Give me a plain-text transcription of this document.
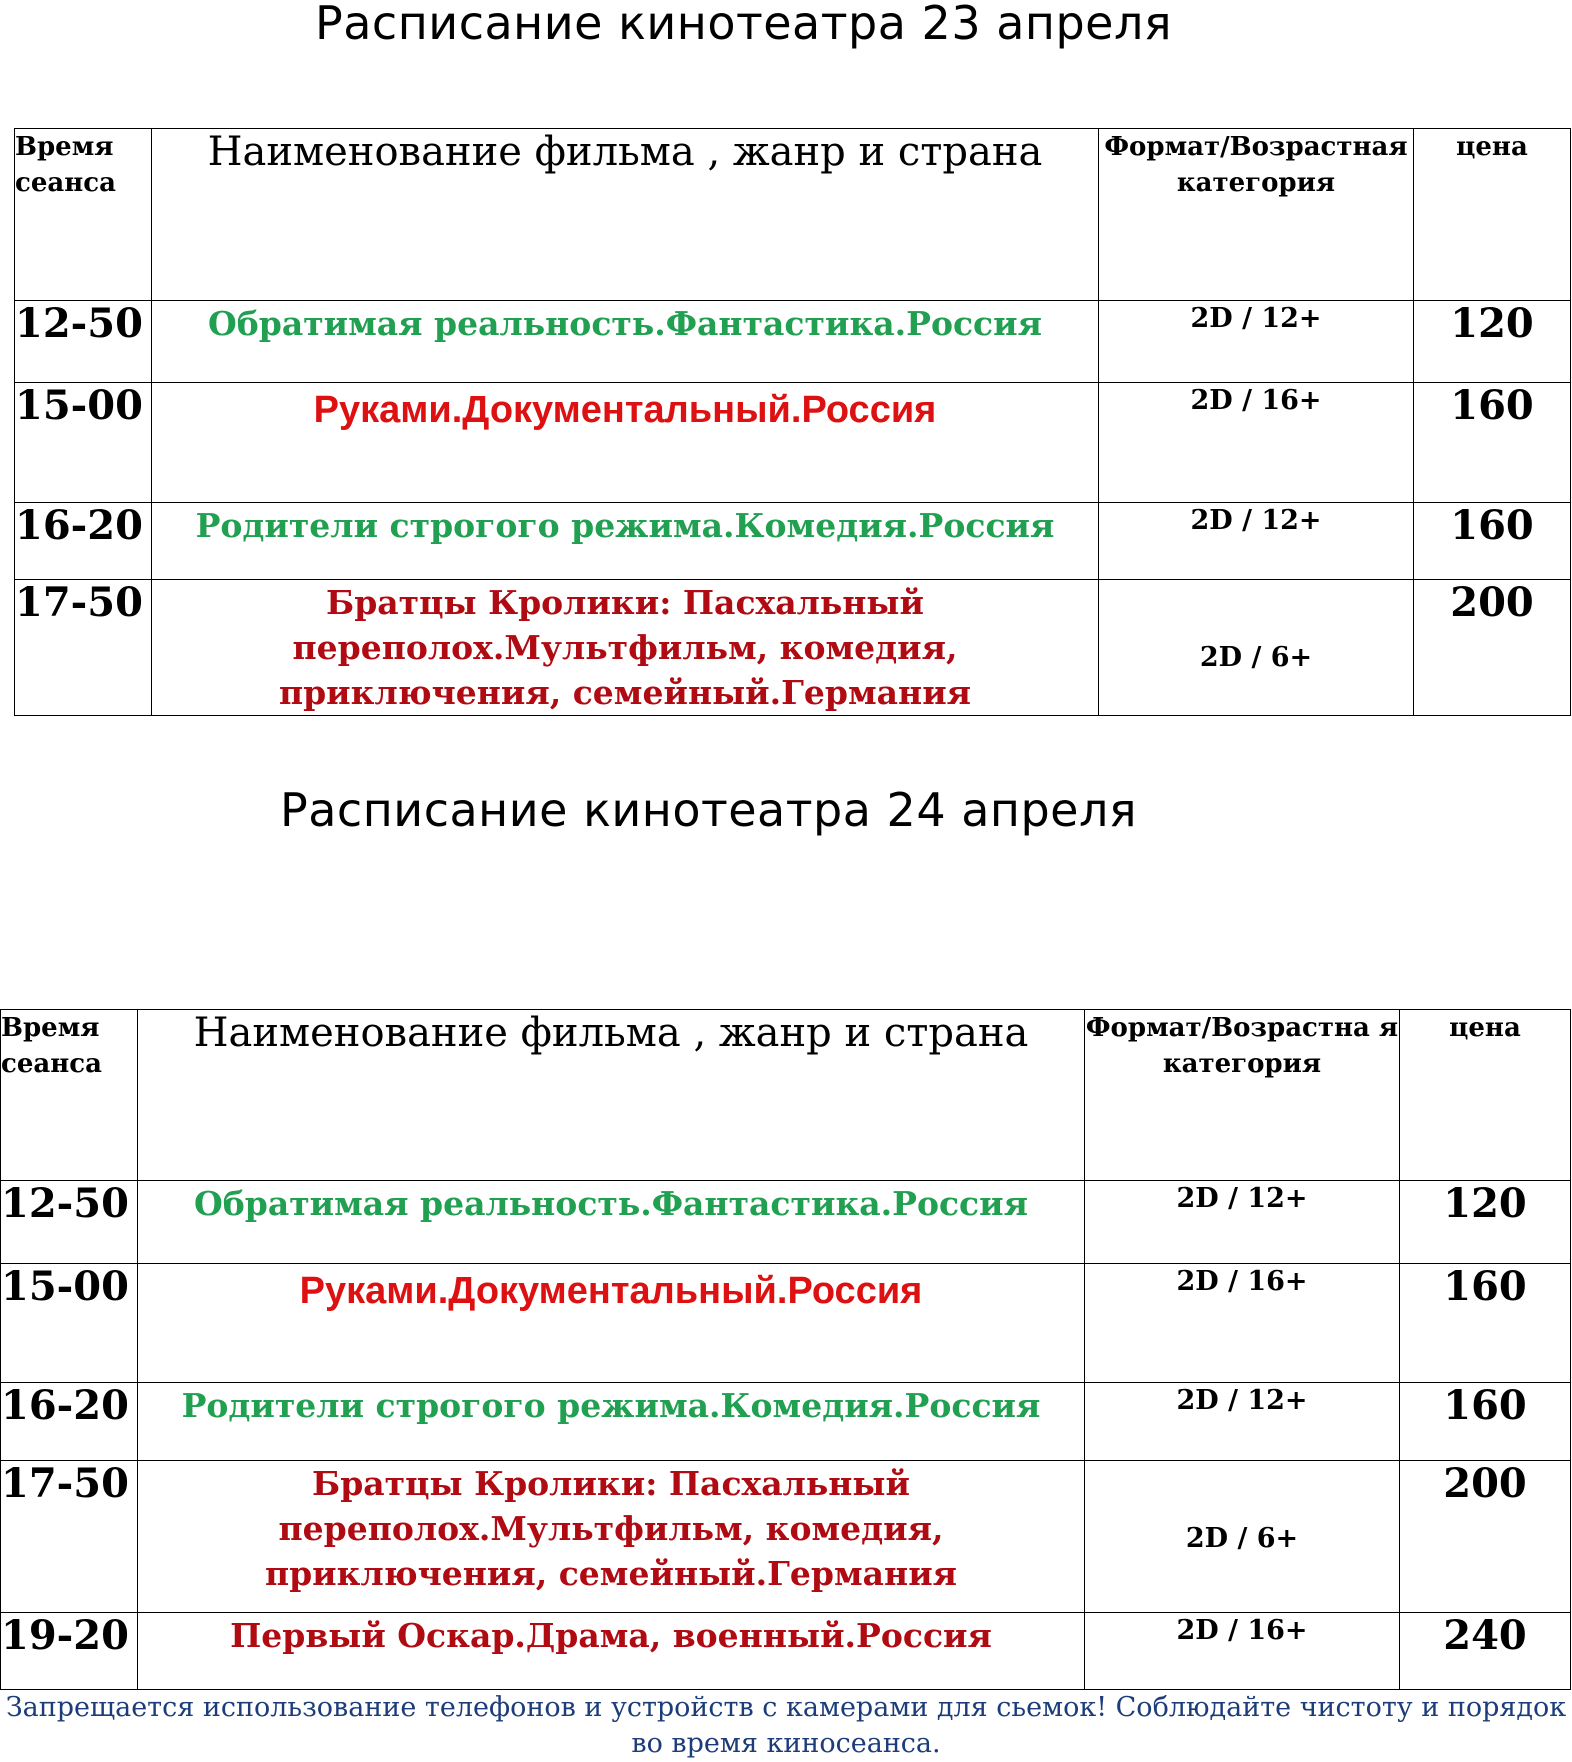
Расписание кинотеатра 23 апреля
Время сеанса	Наименование фильма , жанр и страна	Формат/Возрастная категория	цена
12-50	Обратимая реальность.Фантастика.Россия	2D / 12+	120
15-00	Руками.Документальный.Россия	2D / 16+	160
16-20	Родители строгого режима.Комедия.Россия	2D / 12+	160
17-50	Братцы Кролики: Пасхальный переполох.Мультфильм, комедия, приключения, семейный.Германия	2D / 6+	200
Расписание кинотеатра 24 апреля
Время сеанса	Наименование фильма , жанр и страна	Формат/Возрастна я категория	цена
12-50	Обратимая реальность.Фантастика.Россия	2D / 12+	120
15-00	Руками.Документальный.Россия	2D / 16+	160
16-20	Родители строгого режима.Комедия.Россия	2D / 12+	160
17-50	Братцы Кролики: Пасхальный переполох.Мультфильм, комедия, приключения, семейный.Германия	2D / 6+	200
19-20	Первый Оскар.Драма, военный.Россия	2D / 16+	240
Запрещается использование телефонов и устройств с камерами для сьемок! Соблюдайте чистоту и порядок во время киносеанса.
